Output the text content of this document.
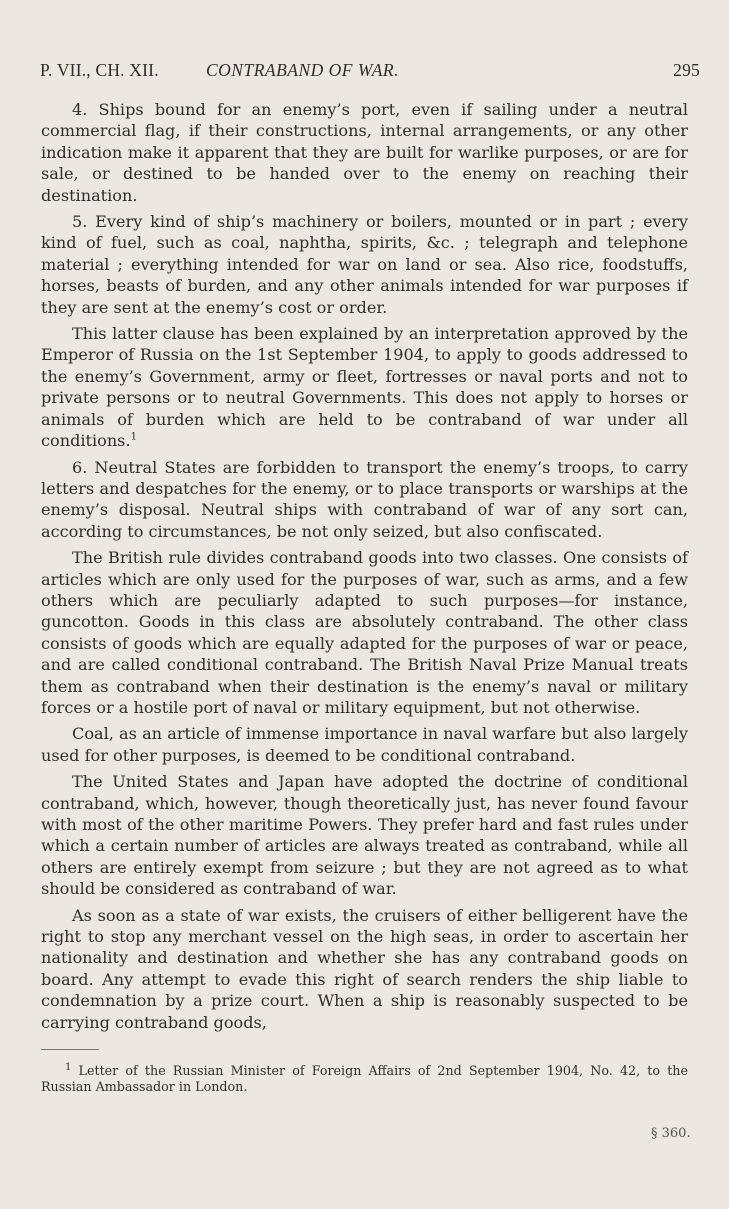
P. VII., CH. XII.	CONTRABAND OF WAR.	295

4. Ships bound for an enemy’s port, even if sailing under a neutral commercial flag, if their constructions, internal arrangements, or any other indication make it apparent that they are built for warlike purposes, or are for sale, or destined to be handed over to the enemy on reaching their destination.

5. Every kind of ship’s machinery or boilers, mounted or in part ; every kind of fuel, such as coal, naphtha, spirits, &c. ; telegraph and telephone material ; everything intended for war on land or sea. Also rice, foodstuffs, horses, beasts of burden, and any other animals intended for war purposes if they are sent at the enemy’s cost or order.

This latter clause has been explained by an interpretation approved by the Emperor of Russia on the 1st September 1904, to apply to goods addressed to the enemy’s Government, army or fleet, fortresses or naval ports and not to private persons or to neutral Governments. This does not apply to horses or animals of burden which are held to be contraband of war under all conditions.$^1$

6. Neutral States are forbidden to transport the enemy’s troops, to carry letters and despatches for the enemy, or to place transports or warships at the enemy’s disposal. Neutral ships with contraband of war of any sort can, according to circumstances, be not only seized, but also confiscated.

The British rule divides contraband goods into two classes. One consists of articles which are only used for the purposes of war, such as arms, and a few others which are peculiarly adapted to such purposes—for instance, guncotton. Goods in this class are absolutely contraband. The other class consists of goods which are equally adapted for the purposes of war or peace, and are called conditional contraband. The British Naval Prize Manual treats them as contraband when their destination is the enemy’s naval or military forces or a hostile port of naval or military equipment, but not otherwise.

Coal, as an article of immense importance in naval warfare but also largely used for other purposes, is deemed to be conditional contraband.

The United States and Japan have adopted the doctrine of conditional contraband, which, however, though theoretically just, has never found favour with most of the other maritime Powers. They prefer hard and fast rules under which a certain number of articles are always treated as contraband, while all others are entirely exempt from seizure ; but they are not agreed as to what should be considered as contraband of war.

As soon as a state of war exists, the cruisers of either belligerent have the right to stop any merchant vessel on the high seas, in order to ascertain her nationality and destination and whether she has any contraband goods on board. Any attempt to evade this right of search renders the ship liable to condemnation by a prize court. When a ship is reasonably suspected to be carrying contraband goods,

$^1$ Letter of the Russian Minister of Foreign Affairs of 2nd September 1904, No. 42, to the Russian Ambassador in London.
§ 360.
